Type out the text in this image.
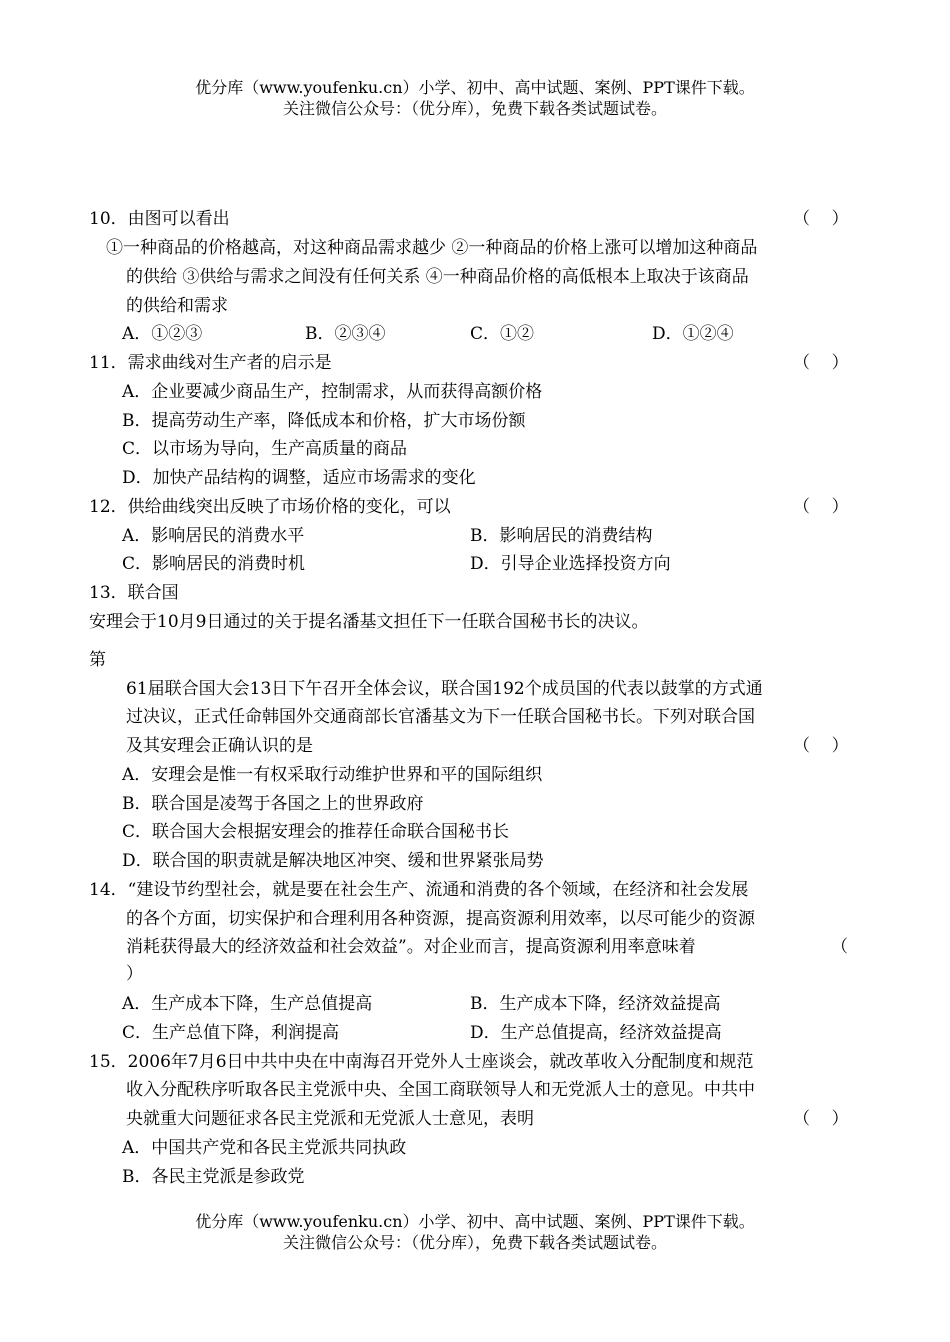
优分库（www.youfenku.cn）小学、初中、高中试题、案例、PPT课件下载。
关注微信公众号：（优分库），免费下载各类试题试卷。
10．由图可以看出	（    ）
①一种商品的价格越高，对这种商品需求越少 ②一种商品的价格上涨可以增加这种商品
的供给 ③供给与需求之间没有任何关系 ④一种商品价格的高低根本上取决于该商品
的供给和需求
A．①②③	B．②③④	C．①②	D．①②④
11．需求曲线对生产者的启示是	（    ）
A．企业要减少商品生产，控制需求，从而获得高额价格
B．提高劳动生产率，降低成本和价格，扩大市场份额
C．以市场为导向，生产高质量的商品
D．加快产品结构的调整，适应市场需求的变化
12．供给曲线突出反映了市场价格的变化，可以	（    ）
A．影响居民的消费水平	B．影响居民的消费结构
C．影响居民的消费时机	D．引导企业选择投资方向
13．联合国
安理会于10月9日通过的关于提名潘基文担任下一任联合国秘书长的决议。
第
61届联合国大会13日下午召开全体会议，联合国192个成员国的代表以鼓掌的方式通
过决议，正式任命韩国外交通商部长官潘基文为下一任联合国秘书长。下列对联合国
及其安理会正确认识的是	（    ）
A．安理会是惟一有权采取行动维护世界和平的国际组织
B．联合国是凌驾于各国之上的世界政府
C．联合国大会根据安理会的推荐任命联合国秘书长
D．联合国的职责就是解决地区冲突、缓和世界紧张局势
14．“建设节约型社会，就是要在社会生产、流通和消费的各个领域，在经济和社会发展
的各个方面，切实保护和合理利用各种资源，提高资源利用效率，以尽可能少的资源
消耗获得最大的经济效益和社会效益”。对企业而言，提高资源利用率意味着	（
）
A．生产成本下降，生产总值提高	B．生产成本下降，经济效益提高
C．生产总值下降，利润提高	D．生产总值提高，经济效益提高
15．2006年7月6日中共中央在中南海召开党外人士座谈会，就改革收入分配制度和规范
收入分配秩序听取各民主党派中央、全国工商联领导人和无党派人士的意见。中共中
央就重大问题征求各民主党派和无党派人士意见，表明	（    ）
A．中国共产党和各民主党派共同执政
B．各民主党派是参政党
优分库（www.youfenku.cn）小学、初中、高中试题、案例、PPT课件下载。
关注微信公众号：（优分库），免费下载各类试题试卷。
